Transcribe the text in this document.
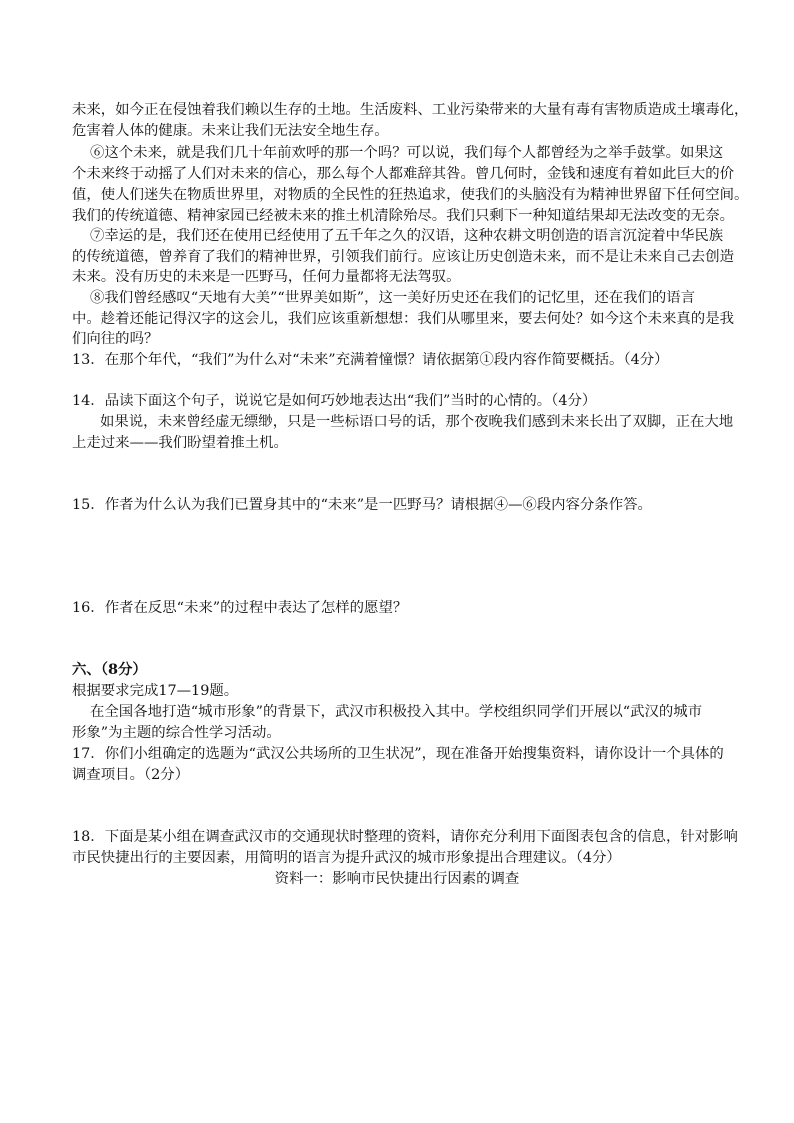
未来，如今正在侵蚀着我们赖以生存的土地。生活废料、工业污染带来的大量有毒有害物质造成土壤毒化，
危害着人体的健康。未来让我们无法安全地生存。
⑥这个未来，就是我们几十年前欢呼的那一个吗？可以说，我们每个人都曾经为之举手鼓掌。如果这
个未来终于动摇了人们对未来的信心，那么每个人都难辞其咎。曾几何时，金钱和速度有着如此巨大的价
值，使人们迷失在物质世界里，对物质的全民性的狂热追求，使我们的头脑没有为精神世界留下任何空间。
我们的传统道德、精神家园已经被未来的推土机清除殆尽。我们只剩下一种知道结果却无法改变的无奈。
⑦幸运的是，我们还在使用已经使用了五千年之久的汉语，这种农耕文明创造的语言沉淀着中华民族
的传统道德，曾养育了我们的精神世界，引领我们前行。应该让历史创造未来，而不是让未来自己去创造
未来。没有历史的未来是一匹野马，任何力量都将无法驾驭。
⑧我们曾经感叹“天地有大美”“世界美如斯”，这一美好历史还在我们的记忆里，还在我们的语言
中。趁着还能记得汉字的这会儿，我们应该重新想想：我们从哪里来，要去何处？如今这个未来真的是我
们向往的吗？
13．在那个年代，“我们”为什么对“未来”充满着憧憬？请依据第①段内容作简要概括。（4分）
14．品读下面这个句子，说说它是如何巧妙地表达出“我们”当时的心情的。（4分）
如果说，未来曾经虚无缥缈，只是一些标语口号的话，那个夜晚我们感到未来长出了双脚，正在大地
上走过来——我们盼望着推土机。
15．作者为什么认为我们已置身其中的“未来”是一匹野马？请根据④—⑥段内容分条作答。
16．作者在反思“未来”的过程中表达了怎样的愿望？
六、（8分）
根据要求完成17—19题。
在全国各地打造“城市形象”的背景下，武汉市积极投入其中。学校组织同学们开展以“武汉的城市
形象”为主题的综合性学习活动。
17．你们小组确定的选题为“武汉公共场所的卫生状况”，现在准备开始搜集资料，请你设计一个具体的
调查项目。（2分）
18．下面是某小组在调查武汉市的交通现状时整理的资料，请你充分利用下面图表包含的信息，针对影响
市民快捷出行的主要因素，用简明的语言为提升武汉的城市形象提出合理建议。（4分）
资料一：影响市民快捷出行因素的调查
